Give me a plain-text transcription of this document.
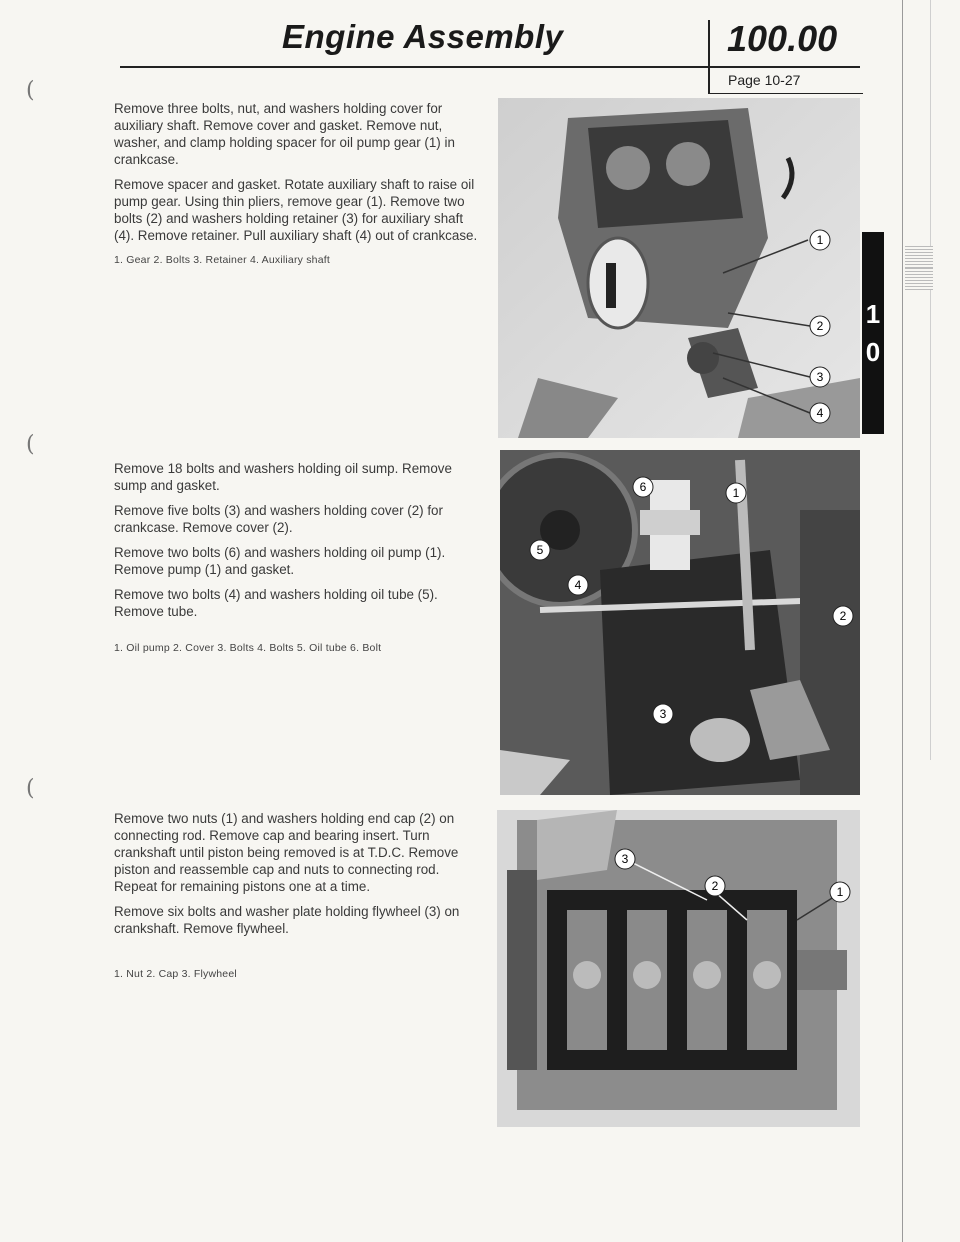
Engine Assembly	100.00
Page 10-27
1
0
(
(
(

Remove three bolts, nut, and washers holding cover for auxiliary shaft. Remove cover and gasket. Remove nut, washer, and clamp holding spacer for oil pump gear (1) in crankcase.

Remove spacer and gasket. Rotate auxiliary shaft to raise oil pump gear. Using thin pliers, remove gear (1). Remove two bolts (2) and washers holding retainer (3) for auxiliary shaft (4). Remove retainer. Pull auxiliary shaft (4) out of crankcase.

1. Gear 2. Bolts 3. Retainer 4. Auxiliary shaft
1
2
3
4

Remove 18 bolts and washers holding oil sump. Remove sump and gasket.

Remove five bolts (3) and washers holding cover (2) for crankcase. Remove cover (2).

Remove two bolts (6) and washers holding oil pump (1). Remove pump (1) and gasket.

Remove two bolts (4) and washers holding oil tube (5). Remove tube.

1. Oil pump 2. Cover 3. Bolts 4. Bolts 5. Oil tube 6. Bolt
6	1
5
4
2
3

Remove two nuts (1) and washers holding end cap (2) on connecting rod. Remove cap and bearing insert. Turn crankshaft until piston being removed is at T.D.C. Remove piston and reassemble cap and nuts to connecting rod. Repeat for remaining pistons one at a time.

Remove six bolts and washer plate holding flywheel (3) on crankshaft. Remove flywheel.

1. Nut 2. Cap 3. Flywheel
3
2	1
